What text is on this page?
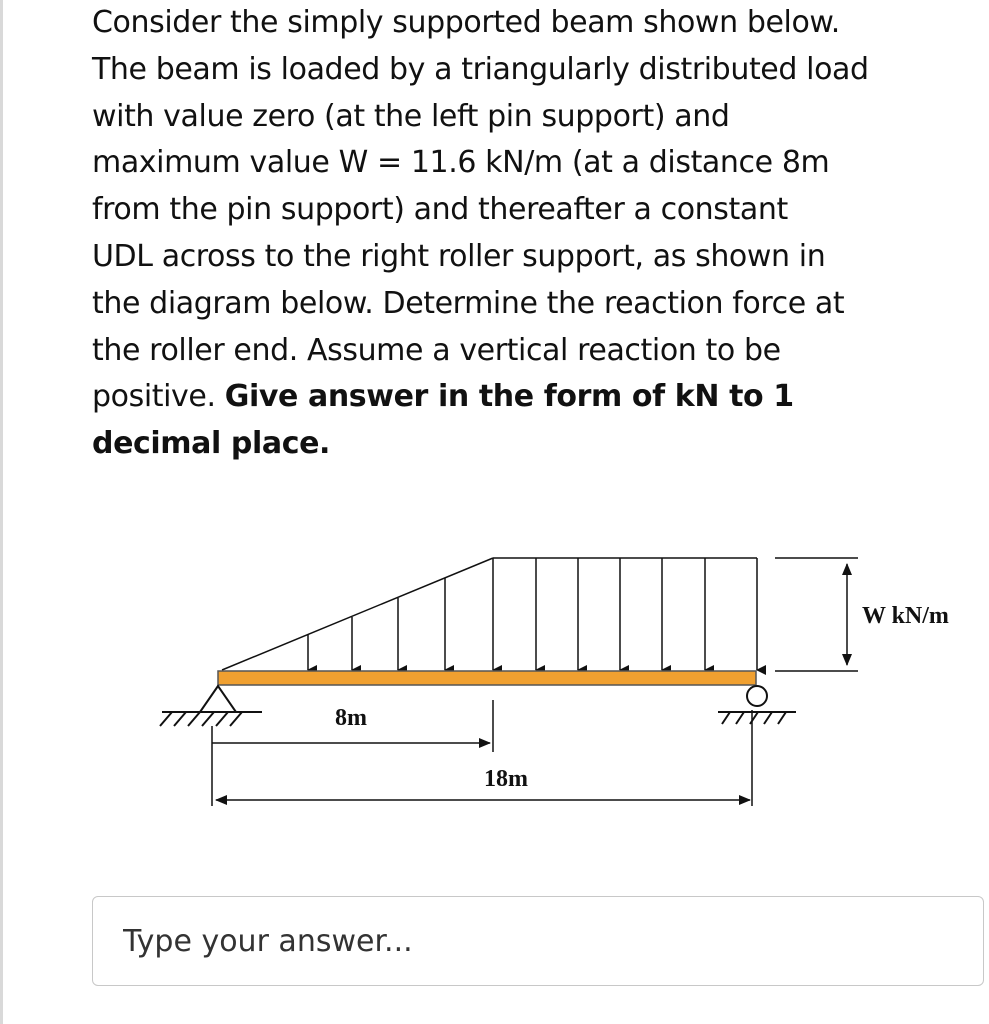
Consider the simply supported beam shown below.
The beam is loaded by a triangularly distributed load
with value zero (at the left pin support) and
maximum value W = 11.6 kN/m (at a distance 8m
from the pin support) and thereafter a constant
UDL across to the right roller support, as shown in
the diagram below. Determine the reaction force at
the roller end. Assume a vertical reaction to be
positive. Give answer in the form of kN to 1
decimal place.
W kN/m
8m
18m
Type your answer...
